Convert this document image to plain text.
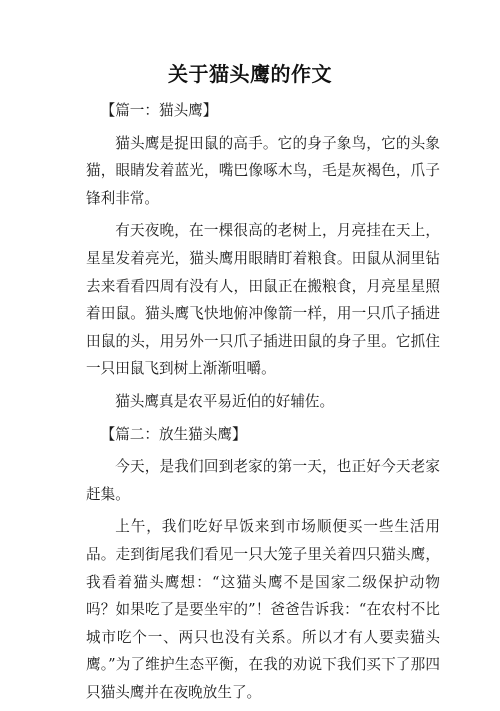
关于猫头鹰的作文
【篇一：猫头鹰】

猫头鹰是捉田鼠的高手。它的身子象鸟，它的头象猫，眼睛发着蓝光，嘴巴像啄木鸟，毛是灰褐色，爪子锋利非常。

有天夜晚，在一棵很高的老树上，月亮挂在天上，星星发着亮光，猫头鹰用眼睛盯着粮食。田鼠从洞里钻去来看看四周有没有人，田鼠正在搬粮食，月亮星星照着田鼠。猫头鹰飞快地俯冲像箭一样，用一只爪子插进田鼠的头，用另外一只爪子插进田鼠的身子里。它抓住一只田鼠飞到树上渐渐咀嚼。

猫头鹰真是农平易近伯的好辅佐。

【篇二：放生猫头鹰】

今天，是我们回到老家的第一天，也正好今天老家赶集。

上午，我们吃好早饭来到市场顺便买一些生活用品。走到街尾我们看见一只大笼子里关着四只猫头鹰，我看着猫头鹰想：“这猫头鹰不是国家二级保护动物吗？如果吃了是要坐牢的”！爸爸告诉我：“在农村不比城市吃个一、两只也没有关系。所以才有人要卖猫头鹰。”为了维护生态平衡，在我的劝说下我们买下了那四只猫头鹰并在夜晚放生了。
